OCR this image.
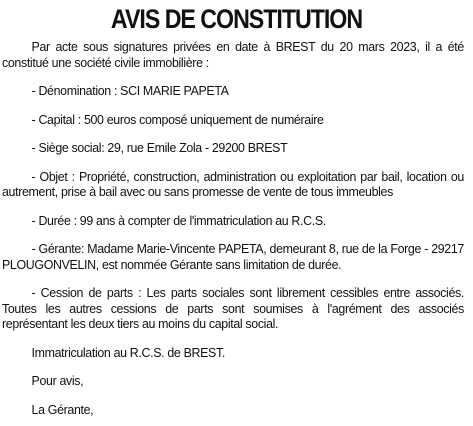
AVIS DE CONSTITUTION

Par acte sous signatures privées en date à BREST du 20 mars 2023, il a été constitué une société civile immobilière :

- Dénomination : SCI MARIE PAPETA

- Capital : 500 euros composé uniquement de numéraire

- Siège social: 29, rue Emile Zola - 29200 BREST

- Objet : Propriété, construction, administration ou exploitation par bail, location ou autrement, prise à bail avec ou sans promesse de vente de tous immeubles

- Durée : 99 ans à compter de l'immatriculation au R.C.S.

- Gérante: Madame Marie-Vincente PAPETA, demeurant 8, rue de la Forge - 29217 PLOUGONVELIN, est nommée Gérante sans limitation de durée.

- Cession de parts : Les parts sociales sont librement cessibles entre associés. Toutes les autres cessions de parts sont soumises à l'agrément des associés représentant les deux tiers au moins du capital social.

Immatriculation au R.C.S. de BREST.

Pour avis,

La Gérante,
